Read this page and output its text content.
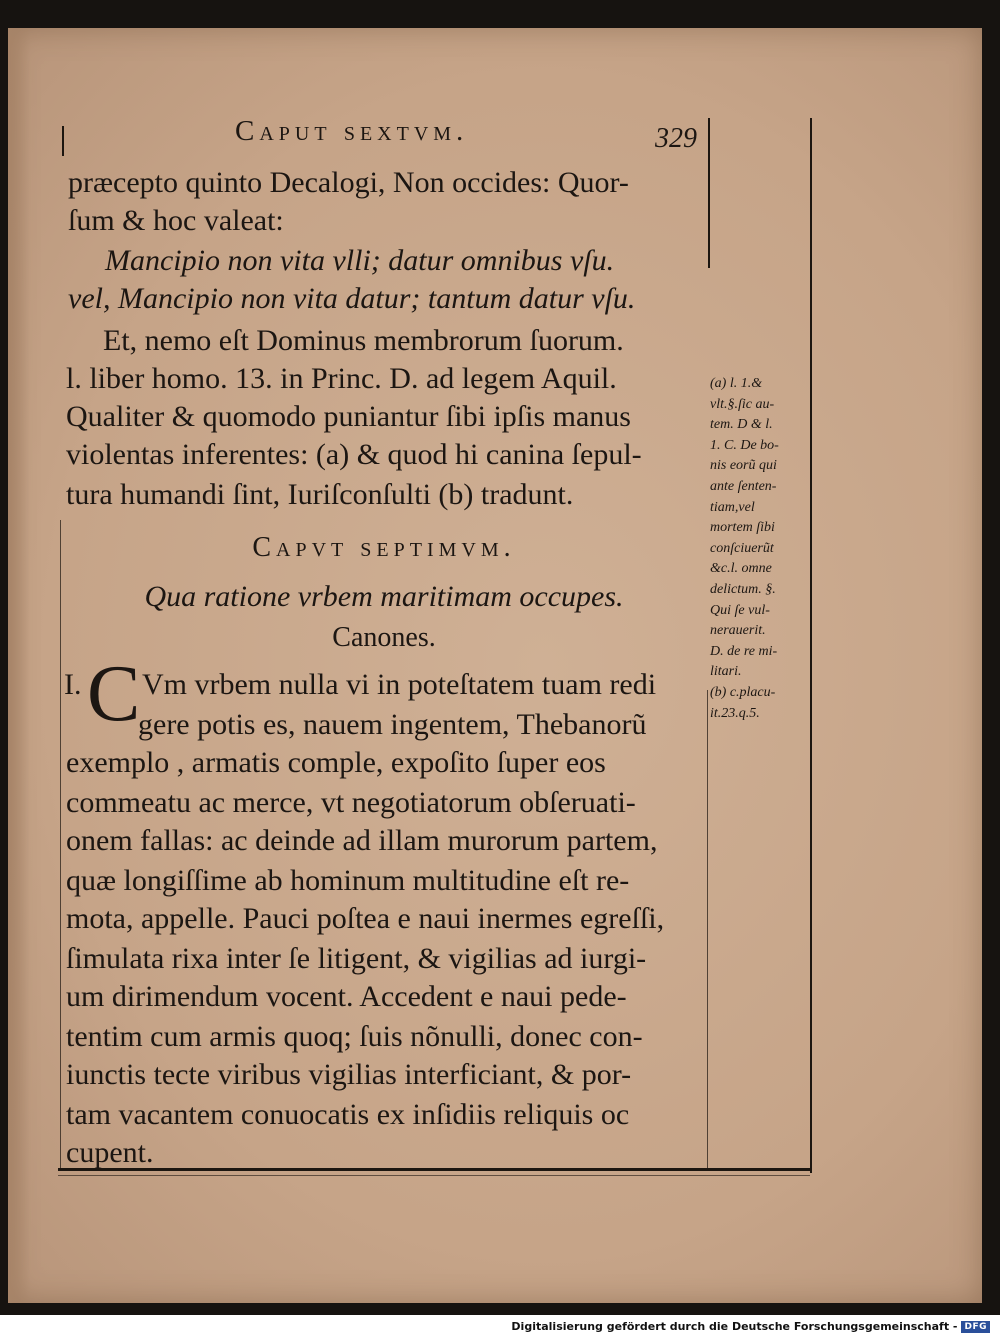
Caput sextvm.	329
præcepto quinto Decalogi, Non occides: Quor-
ſum & hoc valeat:
Mancipio non vita vlli; datur omnibus vſu.
vel, Mancipio non vita datur; tantum datur vſu.
Et, nemo eſt Dominus membrorum ſuorum.
l. liber homo. 13. in Princ. D. ad legem Aquil.
Qualiter & quomodo puniantur ſibi ipſis manus
violentas inferentes: (a) & quod hi canina ſepul-
tura humandi ſint, Iuriſconſulti (b) tradunt.
Capvt septimvm.
Qua ratione vrbem maritimam occupes.
Canones.
I. C Vm vrbem nulla vi in poteſtatem tuam redi
gere potis es, nauem ingentem, Thebanorũ
exemplo , armatis comple, expoſito ſuper eos
commeatu ac merce, vt negotiatorum obſeruati-
onem fallas: ac deinde ad illam murorum partem,
quæ longiſſime ab hominum multitudine eſt re-
mota, appelle. Pauci poſtea e naui inermes egreſſi,
ſimulata rixa inter ſe litigent, & vigilias ad iurgi-
um dirimendum vocent. Accedent e naui pede-
tentim cum armis quoq; ſuis nõnulli, donec con-
iunctis tecte viribus vigilias interficiant, & por-
tam vacantem conuocatis ex inſidiis reliquis oc
cupent.
(a) l. 1.&
vlt.§.ſic au-
tem. D & l.
1. C. De bo-
nis eorũ qui
ante ſenten-
tiam,vel
mortem ſibi
conſciuerũt
&c.l. omne
delictum. §.
Qui ſe vul-
nerauerit.
D. de re mi-
litari.
(b) c.placu-
it.23.q.5.
Digitalisierung gefördert durch die Deutsche Forschungsgemeinschaft - DFG
